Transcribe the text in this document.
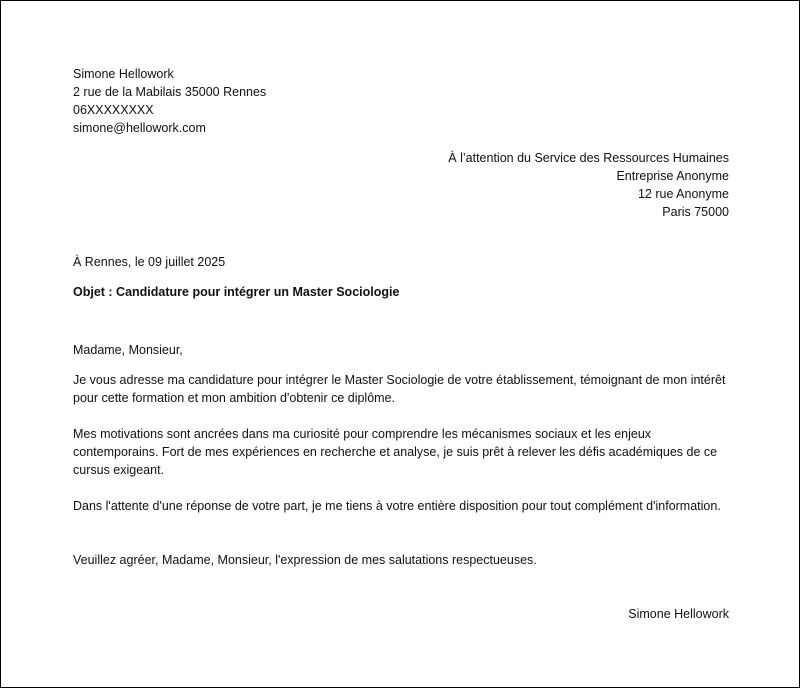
Simone Hellowork
2 rue de la Mabilais 35000 Rennes
06XXXXXXXX
simone@hellowork.com
À l’attention du Service des Ressources Humaines
Entreprise Anonyme
12 rue Anonyme
Paris 75000
À Rennes, le 09 juillet 2025
Objet : Candidature pour intégrer un Master Sociologie
Madame, Monsieur,
Je vous adresse ma candidature pour intégrer le Master Sociologie de votre établissement, témoignant de mon intérêt pour cette formation et mon ambition d'obtenir ce diplôme.
Mes motivations sont ancrées dans ma curiosité pour comprendre les mécanismes sociaux et les enjeux contemporains. Fort de mes expériences en recherche et analyse, je suis prêt à relever les défis académiques de ce cursus exigeant.
Dans l'attente d'une réponse de votre part, je me tiens à votre entière disposition pour tout complément d'information.
Veuillez agréer, Madame, Monsieur, l'expression de mes salutations respectueuses.
Simone Hellowork
